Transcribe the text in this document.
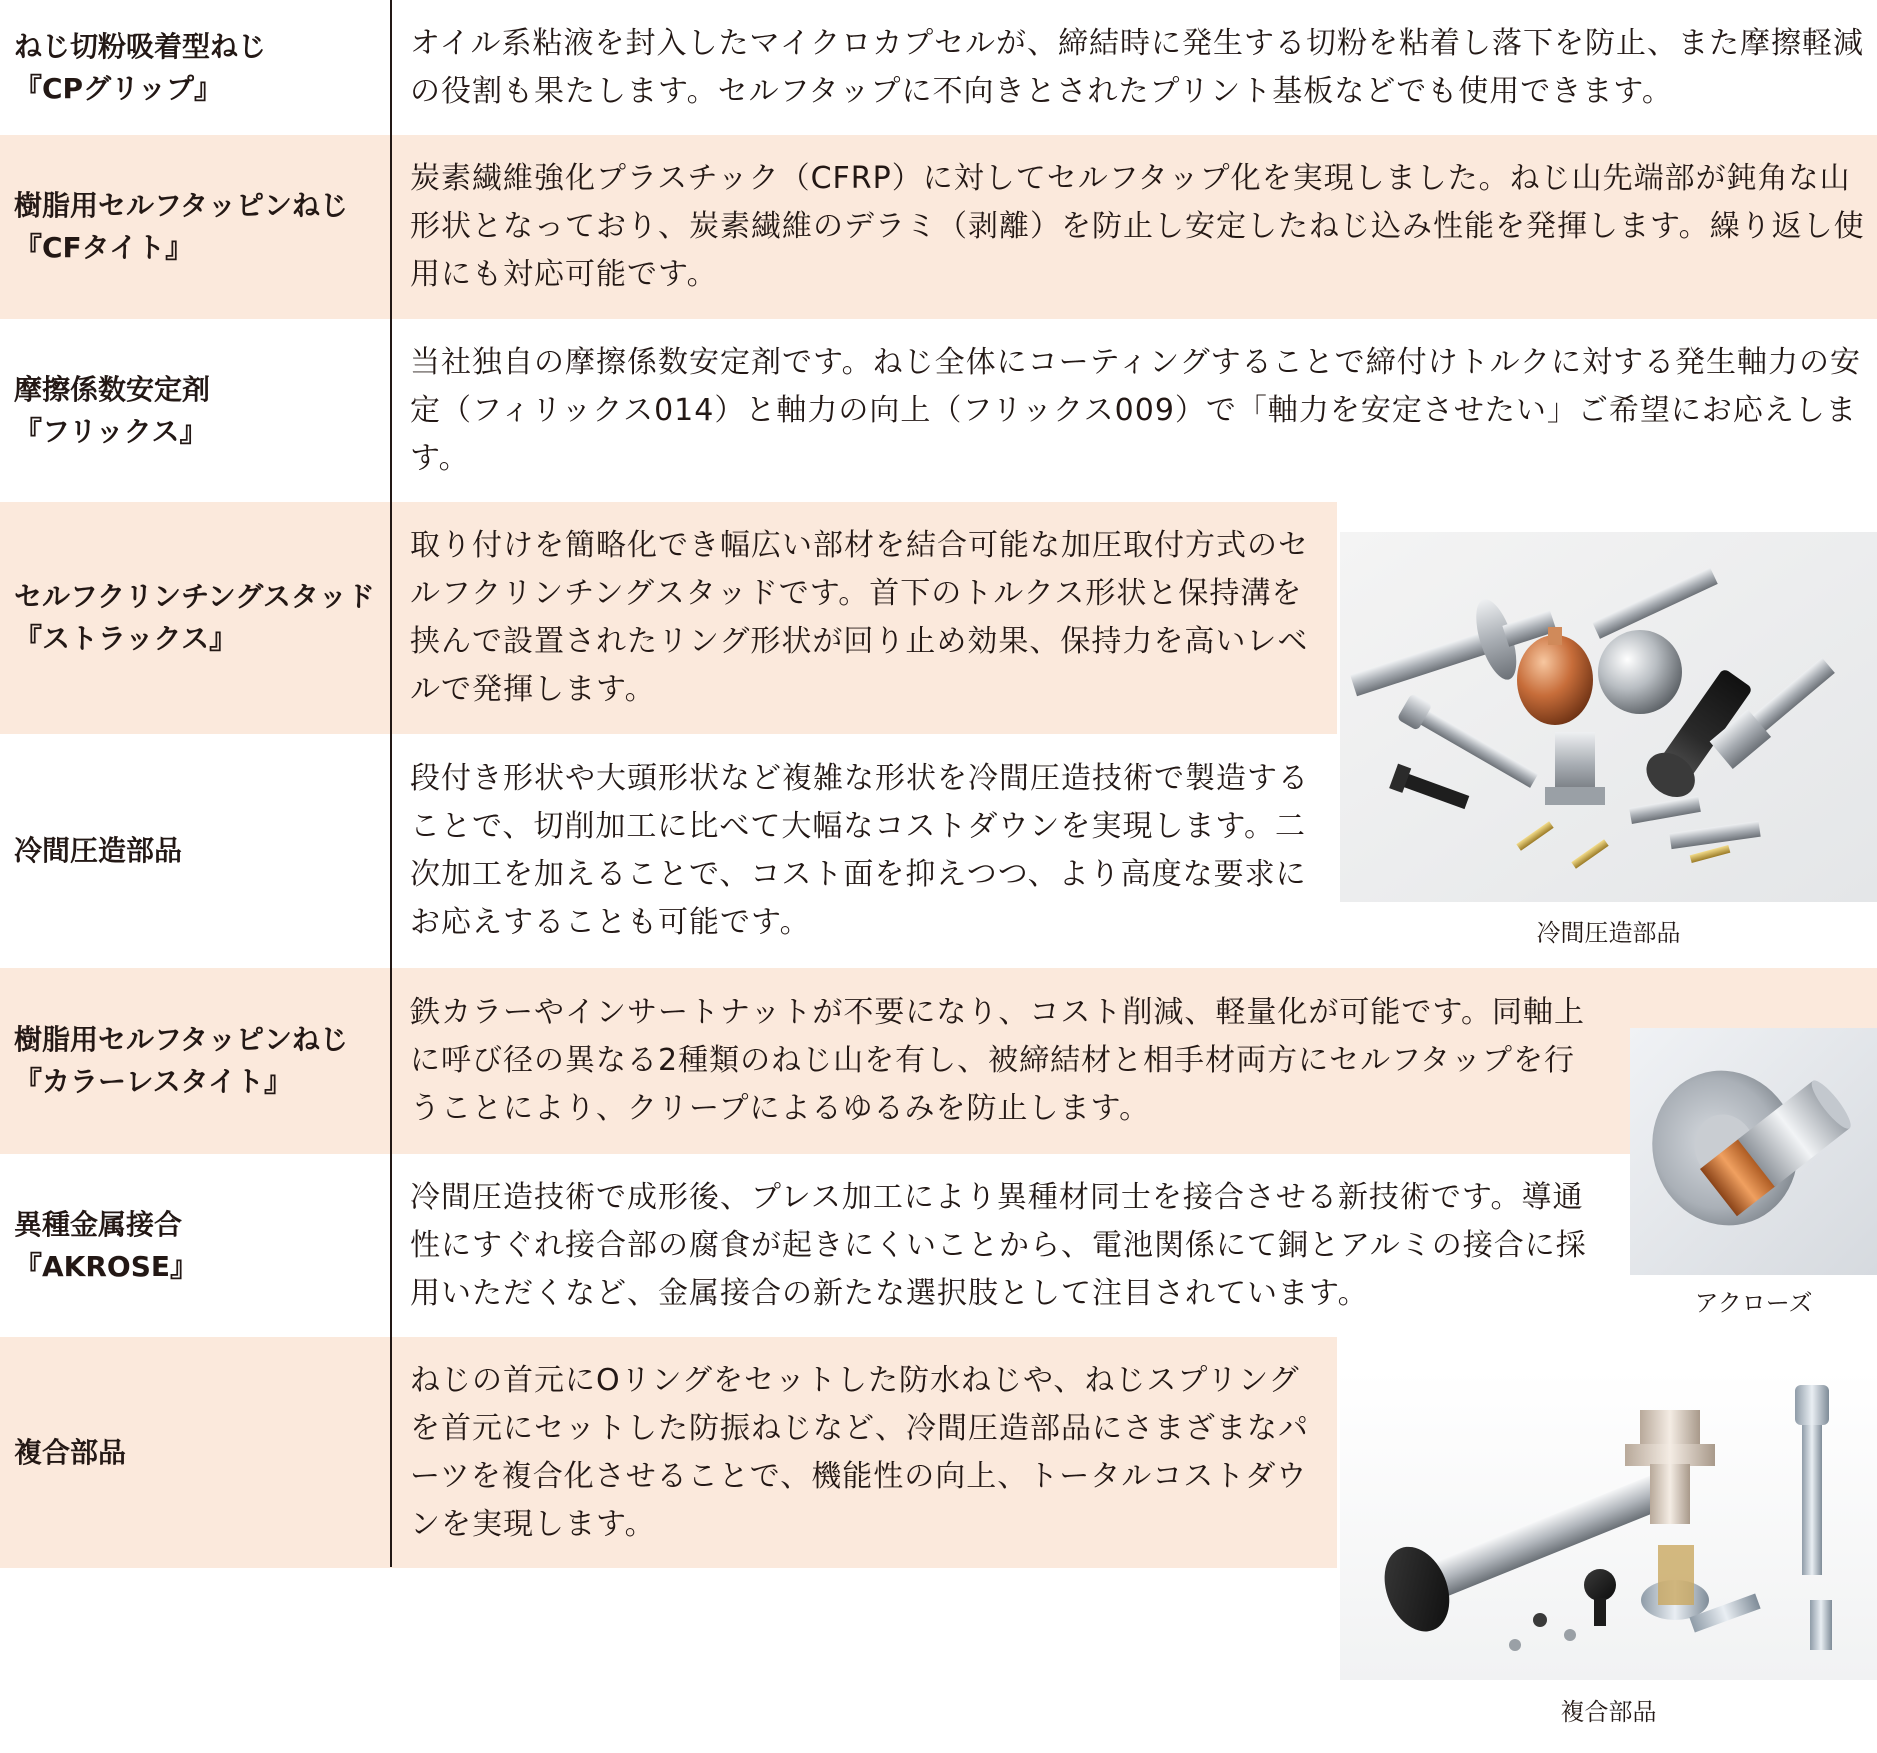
冷間圧造部品
アクローズ
複合部品
ねじ切粉吸着型ねじ
『CPグリップ』
オイル系粘液を封入したマイクロカプセルが、締結時に発生する切粉を粘着し落下を防止、また摩擦軽減の役割も果たします。セルフタップに不向きとされたプリント基板などでも使用できます。
樹脂用セルフタッピンねじ
『CFタイト』
炭素繊維強化プラスチック（CFRP）に対してセルフタップ化を実現しました。ねじ山先端部が鈍角な山形状となっており、炭素繊維のデラミ（剥離）を防止し安定したねじ込み性能を発揮します。繰り返し使用にも対応可能です。
摩擦係数安定剤
『フリックス』
当社独自の摩擦係数安定剤です。ねじ全体にコーティングすることで締付けトルクに対する発生軸力の安定（フィリックス014）と軸力の向上（フリックス009）で「軸力を安定させたい」ご希望にお応えします。
セルフクリンチングスタッド
『ストラックス』
取り付けを簡略化でき幅広い部材を結合可能な加圧取付方式のセルフクリンチングスタッドです。首下のトルクス形状と保持溝を挟んで設置されたリング形状が回り止め効果、保持力を高いレベルで発揮します。
冷間圧造部品
段付き形状や大頭形状など複雑な形状を冷間圧造技術で製造することで、切削加工に比べて大幅なコストダウンを実現します。二次加工を加えることで、コスト面を抑えつつ、より高度な要求にお応えすることも可能です。
樹脂用セルフタッピンねじ
『カラーレスタイト』
鉄カラーやインサートナットが不要になり、コスト削減、軽量化が可能です。同軸上に呼び径の異なる2種類のねじ山を有し、被締結材と相手材両方にセルフタップを行うことにより、クリープによるゆるみを防止します。
異種金属接合
『AKROSE』
冷間圧造技術で成形後、プレス加工により異種材同士を接合させる新技術です。導通性にすぐれ接合部の腐食が起きにくいことから、電池関係にて銅とアルミの接合に採用いただくなど、金属接合の新たな選択肢として注目されています。
複合部品
ねじの首元にOリングをセットした防水ねじや、ねじスプリングを首元にセットした防振ねじなど、冷間圧造部品にさまざまなパーツを複合化させることで、機能性の向上、トータルコストダウンを実現します。
